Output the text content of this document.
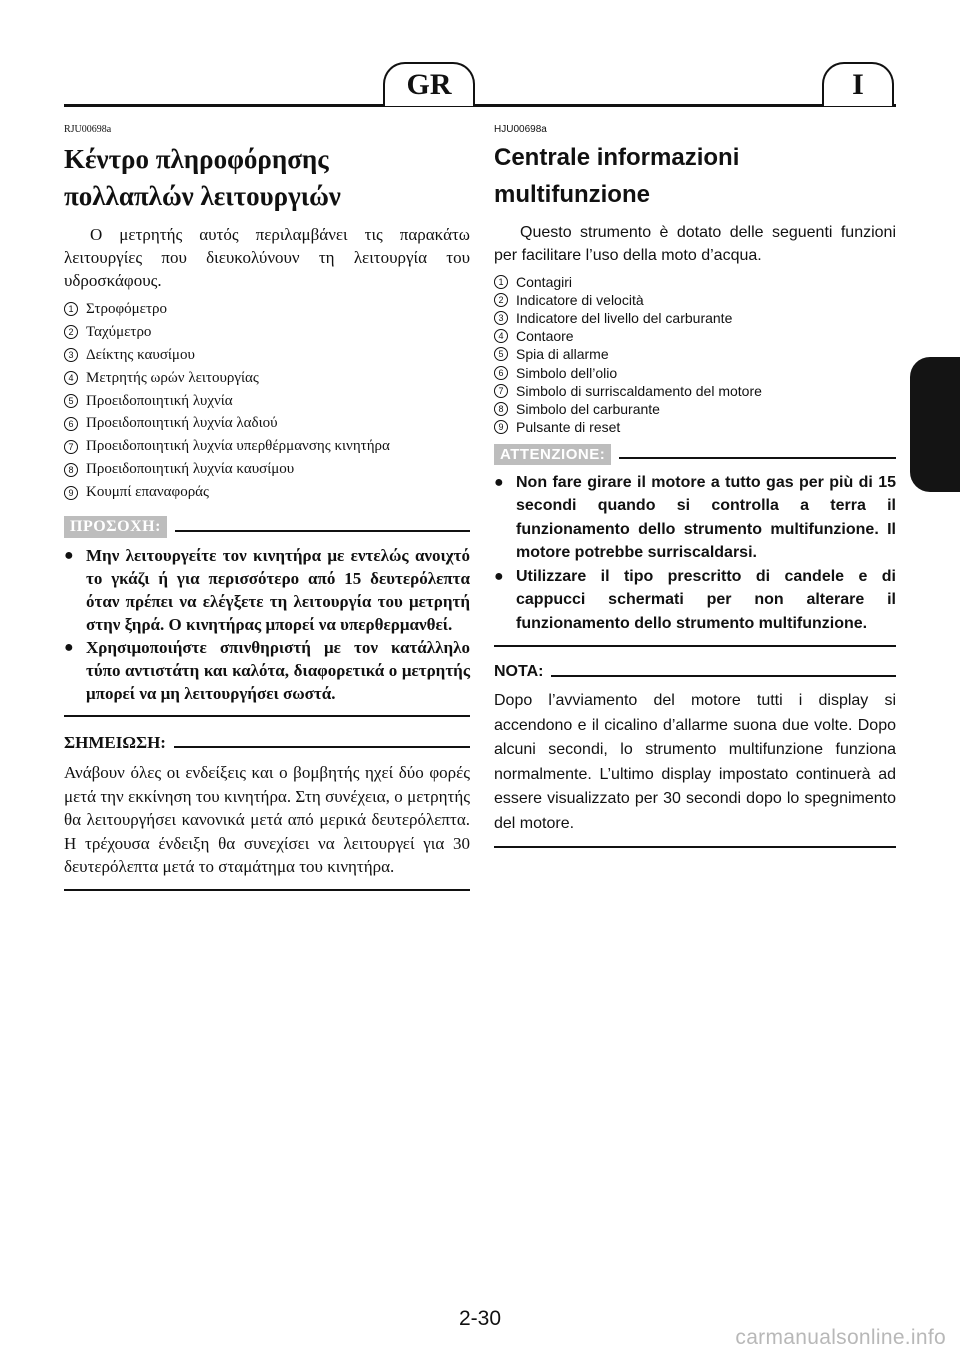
GR	I

RJU00698a

Κέντρο πληροφόρησης
πολλαπλών λειτουργιών

Ο μετρητής αυτός περιλαμβάνει τις παρακάτω λειτουργίες που διευκολύνουν τη λειτουργία του υδροσκάφους.

1 Στροφόμετρο
2 Ταχύμετρο
3 Δείκτης καυσίμου
4 Μετρητής ωρών λειτουργίας
5 Προειδοποιητική λυχνία
6 Προειδοποιητική λυχνία λαδιού
7 Προειδοποιητική λυχνία υπερθέρμανσης κινητήρα
8 Προειδοποιητική λυχνία καυσίμου
9 Κουμπί επαναφοράς
ΠΡΟΣΟΧΗ:
● Μην λειτουργείτε τον κινητήρα με εντελώς ανοιχτό το γκάζι ή για περισσότερο από 15 δευτερόλεπτα όταν πρέπει να ελέγξετε τη λειτουργία του μετρητή στην ξηρά. Ο κινητήρας μπορεί να υπερθερμανθεί.
● Χρησιμοποιήστε σπινθηριστή με τον κατάλληλο τύπο αντιστάτη και καλότα, διαφορετικά ο μετρητής μπορεί να μη λειτουργήσει σωστά.
ΣΗΜΕΙΩΣΗ:

Ανάβουν όλες οι ενδείξεις και ο βομβητής ηχεί δύο φορές μετά την εκκίνηση του κινητήρα. Στη συνέχεια, ο μετρητής θα λειτουργήσει κανονικά μετά από μερικά δευτερόλεπτα. Η τρέχουσα ένδειξη θα συνεχίσει να λειτουργεί για 30 δευτερόλεπτα μετά το σταμάτημα του κινητήρα.

HJU00698a

Centrale informazioni
multifunzione

Questo strumento è dotato delle seguenti funzioni per facilitare l’uso della moto d’acqua.

1 Contagiri
2 Indicatore di velocità
3 Indicatore del livello del carburante
4 Contaore
5 Spia di allarme
6 Simbolo dell’olio
7 Simbolo di surriscaldamento del motore
8 Simbolo del carburante
9 Pulsante di reset
ATTENZIONE:
● Non fare girare il motore a tutto gas per più di 15 secondi quando si controlla a terra il funzionamento dello strumento multifunzione. Il motore potrebbe surriscaldarsi.
● Utilizzare il tipo prescritto di candele e di cappucci schermati per non alterare il funzionamento dello strumento multifunzione.
NOTA:

Dopo l’avviamento del motore tutti i display si accendono e il cicalino d’allarme suona due volte. Dopo alcuni secondi, lo strumento multifunzione funziona normalmente. L’ultimo display impostato continuerà ad essere visualizzato per 30 secondi dopo lo spegnimento del motore.

2-30
carmanualsonline.info
